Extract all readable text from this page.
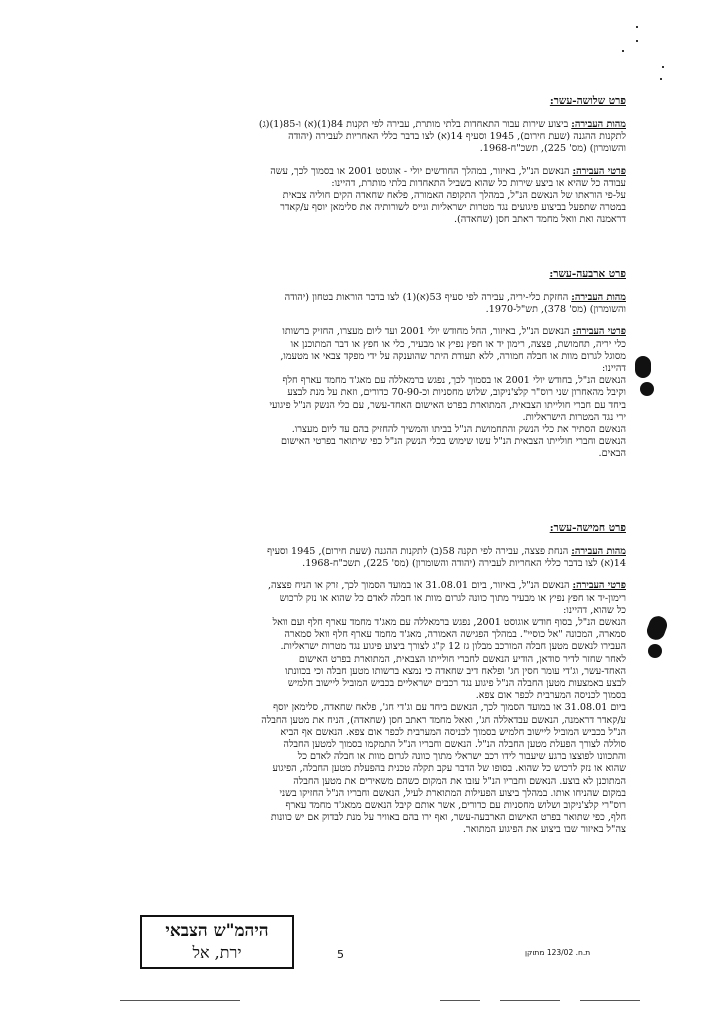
פרט שלושה-עשר:
מהות העבירה: ביצוע שירות עבור התאחדות בלתי מותרת, עבירה לפי תקנות 84(1)(א) ו-85(1)(ג)
לתקנות ההגנה (שעת חירום), 1945 וסעיף 14(א) לצו בדבר כללי האחריות לעבירה (יהודה
והשומרון) (מס' 225), תשכ"ח-1968.
פרטי העבירה: הנאשם הנ"ל, באיזור, במהלך החודשים יולי - אוגוסט 2001 או בסמוך לכך, עשה
עבודה כל שהיא או ביצע שירות כל שהוא בשביל התאחדות בלתי מותרת, דהיינו:
על-פי הוראתו של הנאשם הנ"ל, במהלך התקופה האמורה, פלאח שחאדה הקים חוליה צבאית
במטרה שתפעל בביצוע פיגועים נגד מטרות ישראליות וגייס לשורותיה את סלימאן יוסף ע/קאדר
דראמנה ואת וואל מחמד ראתב חסן (שחאדה).
פרט ארבעה-עשר:
מהות העבירה: החזקת כלי-יריה, עבירה לפי סעיף 53(א)(1) לצו בדבר הוראות בטחון (יהודה
והשומרון) (מס' 378), תש"ל-1970.
פרטי העבירה: הנאשם הנ"ל, באיזור, החל מחודש יולי 2001 ועד ליום מעצרו, החזיק ברשותו
כלי יריה, תחמושת, פצצה, רימון יד או חפץ נפיץ או מבעיר, כלי או חפץ או דבר המתוכנן או
מסוגל לגרום מוות או חבלה חמורה, ללא תעודת היתר שהוענקה על ידי מפקד צבאי או מטעמו,
דהיינו:
הנאשם הנ"ל, בחודש יולי 2001 או בסמוך לכך, נפגש ברמאללה עם מאג'ד מחמד עארף חלף
וקיבל מהאחרון שני רוס"ר קלצ'ניקוב, שלוש מחסניות וכ-70-90 כדורים, וזאת על מנת לבצע
ביחד עם חברי חולייתו הצבאית, המתוארת בפרט האישום האחד-עשר, עם כלי הנשק הנ"ל פיגועי
ירי נגד המטרות הישראליות.
הנאשם הסתיר את כלי הנשק והתחמושת הנ"ל בביתו והמשיך להחזיק בהם עד ליום מעצרו.
הנאשם וחברי חולייתו הצבאית הנ"ל עשו שימוש בכלי הנשק הנ"ל כפי שיתואר בפרטי האישום
הבאים.
פרט חמישה-עשר:
מהות העבירה: הנחת פצצה, עבירה לפי תקנה 58(ב) לתקנות ההגנה (שעת חירום), 1945 וסעיף
14(א) לצו בדבר כללי האחריות לעבירה (יהודה והשומרון) (מס' 225), תשכ"ח-1968.
פרטי העבירה: הנאשם הנ"ל, באיזור, ביום 31.08.01 או במועד הסמוך לכך, זרק או הניח פצצה,
רימון-יד או חפץ נפיץ או מבעיר מתוך כוונה לגרום מוות או חבלה לאדם כל שהוא או נזק לרכוש
כל שהוא, דהיינו:
הנאשם הנ"ל, בסוף חודש אוגוסט 2001, נפגש ברמאללה עם מאג'ד מחמד עארף חלף ועם וואל
סמארה, המכונה "אל כוסיי". במהלך הפגישה האמורה, מאג'ד מחמד עארף חלף וואל סמארה
העבירו לנאשם מטען חבלה המורכב מבלון גז 12 ק"ג לצורך ביצוע פיגוע נגד מטרות ישראליות.
לאחר שחזר לדיר סודאן, הודיע הנאשם לחברי חולייתו הצבאית, המתוארת בפרט האישום
האחד-עשר, וג'די עומר חסין חג' ופלאח דיב שחאדה כי נמצא ברשותו מטען חבלה וכי בכוונתו
לבצע באמצעות מטען החבלה הנ"ל פיגוע נגד רכבים ישראליים בכביש המוביל ליישוב חלמיש
בסמוך לכניסה המערבית לכפר אום צפא.
ביום 31.08.01 או במועד הסמוך לכך, הנאשם ביחד עם וג'די חג', פלאח שחאדה, סלימאן יוסף
ע/קאדר דראמנה, הנאשם עבדאללה חג', ואאל מחמד ראתב חסן (שחאדה), הניח את מטען החבלה
הנ"ל בכביש המוביל ליישוב חלמיש בסמוך לכניסה המערבית לכפר אום צפא. הנאשם אף הביא
סוללה לצורך הפעלת מטען החבלה הנ"ל. הנאשם וחבריו הנ"ל התמקמו בסמוך למטען החבלה
והתכוונו לפוצצו ברגע שיעבור לידו רכב ישראלי מתוך כוונה לגרום מוות או חבלה לאדם כל
שהוא או נזק לרכוש כל שהוא. בסופו של הדבר עקב תקלה טכנית בהפעלת מטען החבלה, הפיגוע
המתוכנן לא בוצע. הנאשם וחבריו הנ"ל עזבו את המקום כשהם משאירים את מטען החבלה
במקום שהניחו אותו. במהלך ביצוע הפעילות המתוארת לעיל, הנאשם וחבריו הנ"ל החזיקו בשני
רוס"רי קלצ'ניקוב ושלוש מחסניות עם כדורים, אשר אותם קיבל הנאשם ממאג'ד מחמד עארף
חלף, כפי שתואר בפרט האישום הארבעה-עשר, ואף ירו בהם באוויר על מנת לבדוק אם יש כוונות
צה"ל באיזור שבו ביצוע את הפיגוע המתואר.
היהמ"ש הצבאי
ירת, אל	5	ת.ח. 123/02 מתוקן
